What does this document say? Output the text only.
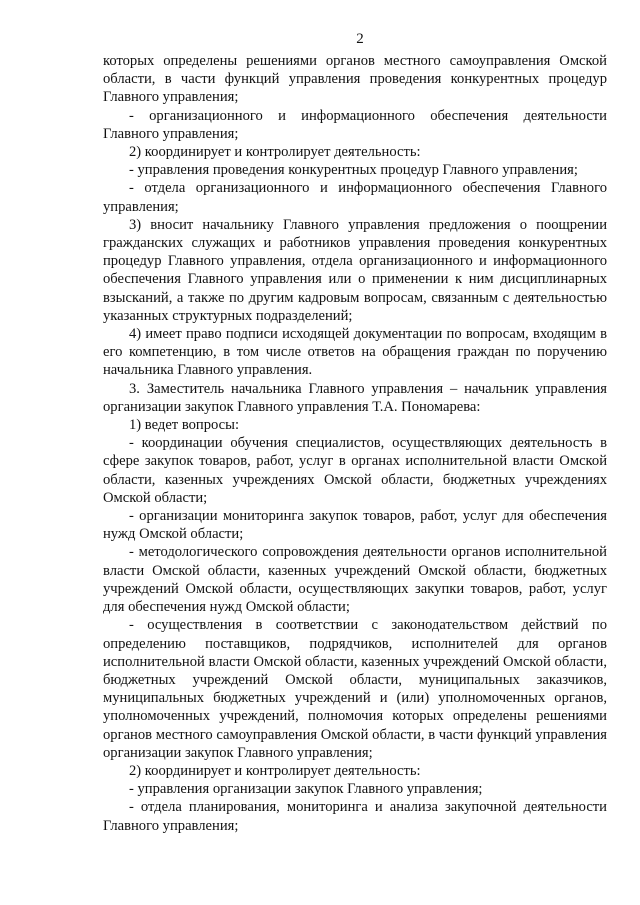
2

которых определены решениями органов местного самоуправления Омской области, в части функций управления проведения конкурентных процедур Главного управления;

- организационного и информационного обеспечения деятельности Главного управления;

2) координирует и контролирует деятельность:

- управления проведения конкурентных процедур Главного управления;

- отдела организационного и информационного обеспечения Главного управления;

3) вносит начальнику Главного управления предложения о поощрении гражданских служащих и работников управления проведения конкурентных процедур Главного управления, отдела организационного и информационного обеспечения Главного управления или о применении к ним дисциплинарных взысканий, а также по другим кадровым вопросам, связанным с деятельностью указанных структурных подразделений;

4) имеет право подписи исходящей документации по вопросам, входящим в его компетенцию, в том числе ответов на обращения граждан по поручению начальника Главного управления.

3. Заместитель начальника Главного управления – начальник управления организации закупок Главного управления Т.А. Пономарева:

1) ведет вопросы:

- координации обучения специалистов, осуществляющих деятельность в сфере закупок товаров, работ, услуг в органах исполнительной власти Омской области, казенных учреждениях Омской области, бюджетных учреждениях Омской области;

- организации мониторинга закупок товаров, работ, услуг для обеспечения нужд Омской области;

- методологического сопровождения деятельности органов исполнительной власти Омской области, казенных учреждений Омской области, бюджетных учреждений Омской области, осуществляющих закупки товаров, работ, услуг для обеспечения нужд Омской области;

- осуществления в соответствии с законодательством действий по определению поставщиков, подрядчиков, исполнителей для органов исполнительной власти Омской области, казенных учреждений Омской области, бюджетных учреждений Омской области, муниципальных заказчиков, муниципальных бюджетных учреждений и (или) уполномоченных органов, уполномоченных учреждений, полномочия которых определены решениями органов местного самоуправления Омской области, в части функций управления организации закупок Главного управления;

2) координирует и контролирует деятельность:

- управления организации закупок Главного управления;

- отдела планирования, мониторинга и анализа закупочной деятельности Главного управления;
